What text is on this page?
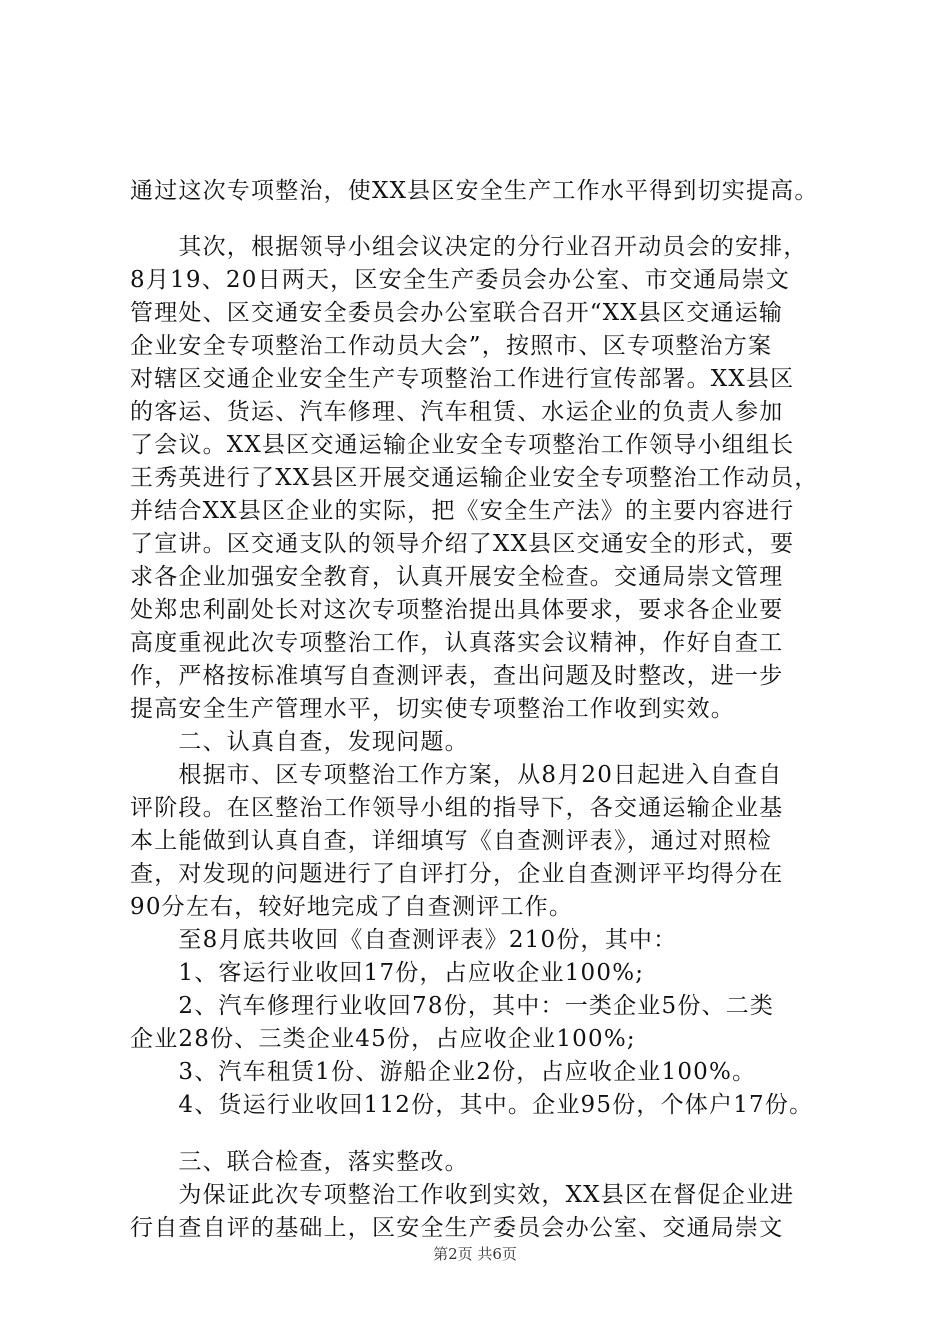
通过这次专项整治，使XX县区安全生产工作水平得到切实提高。
　　其次，根据领导小组会议决定的分行业召开动员会的安排，
8月19、20日两天，区安全生产委员会办公室、市交通局崇文
管理处、区交通安全委员会办公室联合召开“XX县区交通运输
企业安全专项整治工作动员大会”，按照市、区专项整治方案
对辖区交通企业安全生产专项整治工作进行宣传部署。XX县区
的客运、货运、汽车修理、汽车租赁、水运企业的负责人参加
了会议。XX县区交通运输企业安全专项整治工作领导小组组长
王秀英进行了XX县区开展交通运输企业安全专项整治工作动员，
并结合XX县区企业的实际，把《安全生产法》的主要内容进行
了宣讲。区交通支队的领导介绍了XX县区交通安全的形式，要
求各企业加强安全教育，认真开展安全检查。交通局崇文管理
处郑忠利副处长对这次专项整治提出具体要求，要求各企业要
高度重视此次专项整治工作，认真落实会议精神，作好自查工
作，严格按标准填写自查测评表，查出问题及时整改，进一步
提高安全生产管理水平，切实使专项整治工作收到实效。
　　二、认真自查，发现问题。
　　根据市、区专项整治工作方案，从8月20日起进入自查自
评阶段。在区整治工作领导小组的指导下，各交通运输企业基
本上能做到认真自查，详细填写《自查测评表》，通过对照检
查，对发现的问题进行了自评打分，企业自查测评平均得分在
90分左右，较好地完成了自查测评工作。
　　至8月底共收回《自查测评表》210份，其中：
　　1、客运行业收回17份，占应收企业100%;
　　2、汽车修理行业收回78份，其中：一类企业5份、二类
企业28份、三类企业45份，占应收企业100%;
　　3、汽车租赁1份、游船企业2份，占应收企业100%。
　　4、货运行业收回112份，其中。企业95份，个体户17份。
　　三、联合检查，落实整改。
　　为保证此次专项整治工作收到实效，XX县区在督促企业进
行自查自评的基础上，区安全生产委员会办公室、交通局崇文
第2页 共6页
